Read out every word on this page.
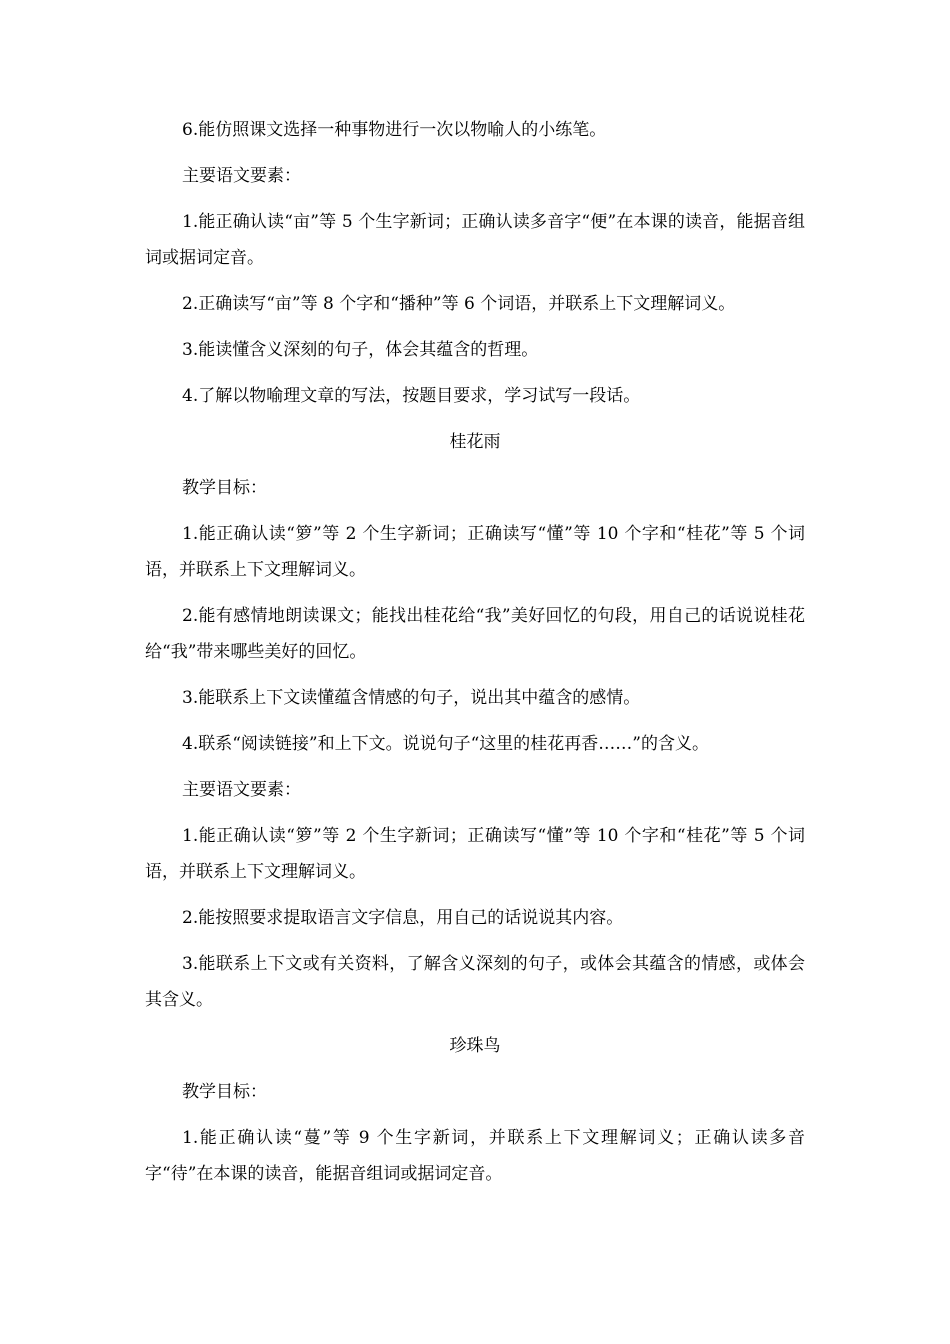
6.能仿照课文选择一种事物进行一次以物喻人的小练笔。

主要语文要素：

1.能正确认读“亩”等 5 个生字新词；正确认读多音字“便”在本课的读音，能据音组词或据词定音。

2.正确读写“亩”等 8 个字和“播种”等 6 个词语，并联系上下文理解词义。

3.能读懂含义深刻的句子，体会其蕴含的哲理。

4.了解以物喻理文章的写法，按题目要求，学习试写一段话。

桂花雨

教学目标：

1.能正确认读“箩”等 2 个生字新词；正确读写“懂”等 10 个字和“桂花”等 5 个词语，并联系上下文理解词义。

2.能有感情地朗读课文；能找出桂花给“我”美好回忆的句段，用自己的话说说桂花给“我”带来哪些美好的回忆。

3.能联系上下文读懂蕴含情感的句子，说出其中蕴含的感情。

4.联系“阅读链接”和上下文。说说句子“这里的桂花再香……”的含义。

主要语文要素：

1.能正确认读“箩”等 2 个生字新词；正确读写“懂”等 10 个字和“桂花”等 5 个词语，并联系上下文理解词义。

2.能按照要求提取语言文字信息，用自己的话说说其内容。

3.能联系上下文或有关资料，了解含义深刻的句子，或体会其蕴含的情感，或体会其含义。

珍珠鸟

教学目标：

1.能正确认读“蔓”等 9 个生字新词，并联系上下文理解词义；正确认读多音字“待”在本课的读音，能据音组词或据词定音。
